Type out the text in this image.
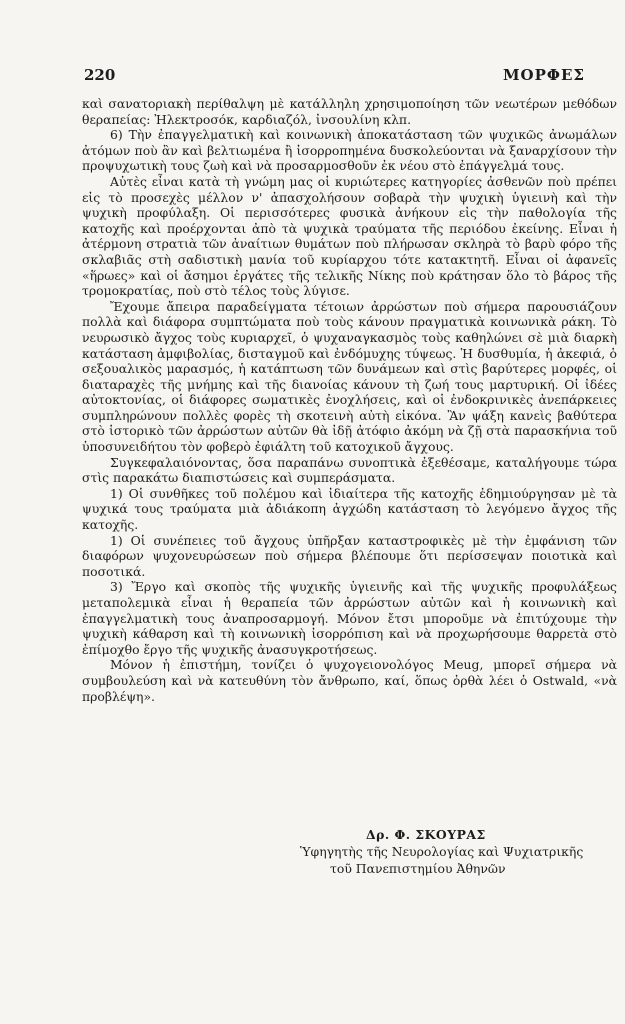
220	ΜΟΡΦΕΣ

καὶ σανατοριακὴ περίθαλψη μὲ κατάλληλη χρησιμοποίηση τῶν νεωτέρων μεθόδων θεραπείας: Ἠλεκτροσόκ, καρδιαζόλ, ἰνσουλίνη κλπ.

6) Τὴν ἐπαγγελματικὴ καὶ κοινωνικὴ ἀποκατάσταση τῶν ψυχικῶς ἀνωμάλων ἀτόμων ποὺ ἂν καὶ βελτιωμένα ἢ ἰσορροπημένα δυσκολεύονται νὰ ξαναρχίσουν τὴν προψυχωτικὴ τους ζωὴ καὶ νὰ προσαρμοσθοῦν ἐκ νέου στὸ ἐπάγγελμά τους.

Αὐτὲς εἶναι κατὰ τὴ γνώμη μας οἱ κυριώτερες κατηγορίες ἀσθενῶν ποὺ πρέπει εἰς τὸ προσεχὲς μέλλον ν' ἀπασχολήσουν σοβαρὰ τὴν ψυχικὴ ὑγιεινὴ καὶ τὴν ψυχικὴ προφύλαξη. Οἱ περισσότερες φυσικὰ ἀνήκουν εἰς τὴν παθολογία τῆς κατοχῆς καὶ προέρχονται ἀπὸ τὰ ψυχικὰ τραύματα τῆς περιόδου ἐκείνης. Εἶναι ἡ ἀτέρμονη στρατιὰ τῶν ἀναίτιων θυμάτων ποὺ πλήρωσαν σκληρὰ τὸ βαρὺ φόρο τῆς σκλαβιᾶς στὴ σαδιστικὴ μανία τοῦ κυρίαρχου τότε κατακτητῆ. Εἶναι οἱ ἀφανεῖς «ἥρωες» καὶ οἱ ἄσημοι ἐργάτες τῆς τελικῆς Νίκης ποὺ κράτησαν ὅλο τὸ βάρος τῆς τρομοκρατίας, ποὺ στὸ τέλος τοὺς λύγισε.

Ἔχουμε ἄπειρα παραδείγματα τέτοιων ἀρρώστων ποὺ σήμερα παρουσιάζουν πολλὰ καὶ διάφορα συμπτώματα ποὺ τοὺς κάνουν πραγματικὰ κοινωνικὰ ράκη. Τὸ νευρωσικὸ ἄγχος τοὺς κυριαρχεῖ, ὁ ψυχαναγκασμὸς τοὺς καθηλώνει σὲ μιὰ διαρκὴ κατάσταση ἀμφιβολίας, δισταγμοῦ καὶ ἐνδόμυχης τύψεως. Ἡ δυσθυμία, ἡ ἀκεφιά, ὁ σεξουαλικὸς μαρασμός, ἡ κατάπτωση τῶν δυνάμεων καὶ στὶς βαρύτερες μορφές, οἱ διαταραχὲς τῆς μνήμης καὶ τῆς διανοίας κάνουν τὴ ζωή τους μαρτυρική. Οἱ ἰδέες αὐτοκτονίας, οἱ διάφορες σωματικὲς ἐνοχλήσεις, καὶ οἱ ἐνδοκρινικὲς ἀνεπάρκειες συμπληρώνουν πολλὲς φορὲς τὴ σκοτεινὴ αὐτὴ εἰκόνα. Ἂν ψάξη κανεὶς βαθύτερα στὸ ἱστορικὸ τῶν ἀρρώστων αὐτῶν θὰ ἰδῇ ἀτόφιο ἀκόμη νὰ ζῇ στὰ παρασκήνια τοῦ ὑποσυνειδήτου τὸν φοβερὸ ἐφιάλτη τοῦ κατοχικοῦ ἄγχους.

Συγκεφαλαιόνοντας, ὅσα παραπάνω συνοπτικὰ ἐξεθέσαμε, καταλήγουμε τώρα στὶς παρακάτω διαπιστώσεις καὶ συμπεράσματα.

1) Οἱ συνθῆκες τοῦ πολέμου καὶ ἰδιαίτερα τῆς κατοχῆς ἐδημιούργησαν μὲ τὰ ψυχικά τους τραύματα μιὰ ἀδιάκοπη ἀγχώδη κατάσταση τὸ λεγόμενο ἄγχος τῆς κατοχῆς.

1) Οἱ συνέπειες τοῦ ἄγχους ὑπῆρξαν καταστροφικὲς μὲ τὴν ἐμφάνιση τῶν διαφόρων ψυχονευρώσεων ποὺ σήμερα βλέπουμε ὅτι περίσσεψαν ποιοτικὰ καὶ ποσοτικά.

3) Ἔργο καὶ σκοπὸς τῆς ψυχικῆς ὑγιεινῆς καὶ τῆς ψυχικῆς προφυλάξεως μεταπολεμικὰ εἶναι ἡ θεραπεία τῶν ἀρρώστων αὐτῶν καὶ ἡ κοινωνικὴ καὶ ἐπαγγελματικὴ τους ἀναπροσαρμογή. Μόνον ἔτσι μποροῦμε νὰ ἐπιτύχουμε τὴν ψυχικὴ κάθαρση καὶ τὴ κοινωνικὴ ἰσορρόπιση καὶ νὰ προχωρήσουμε θαρρετὰ στὸ ἐπίμοχθο ἔργο τῆς ψυχικῆς ἀνασυγκροτήσεως.

Μόνον ἡ ἐπιστήμη, τονίζει ὁ ψυχογειονολόγος Meug, μπορεῖ σήμερα νὰ συμβουλεύση καὶ νὰ κατευθύνη τὸν ἄνθρωπο, καί, ὅπως ὀρθὰ λέει ὁ Ostwald, «νὰ προβλέψη».

Δρ. Φ. ΣΚΟΥΡΑΣ
Ὑφηγητὴς τῆς Νευρολογίας καὶ Ψυχιατρικῆς
τοῦ Πανεπιστημίου Ἀθηνῶν
